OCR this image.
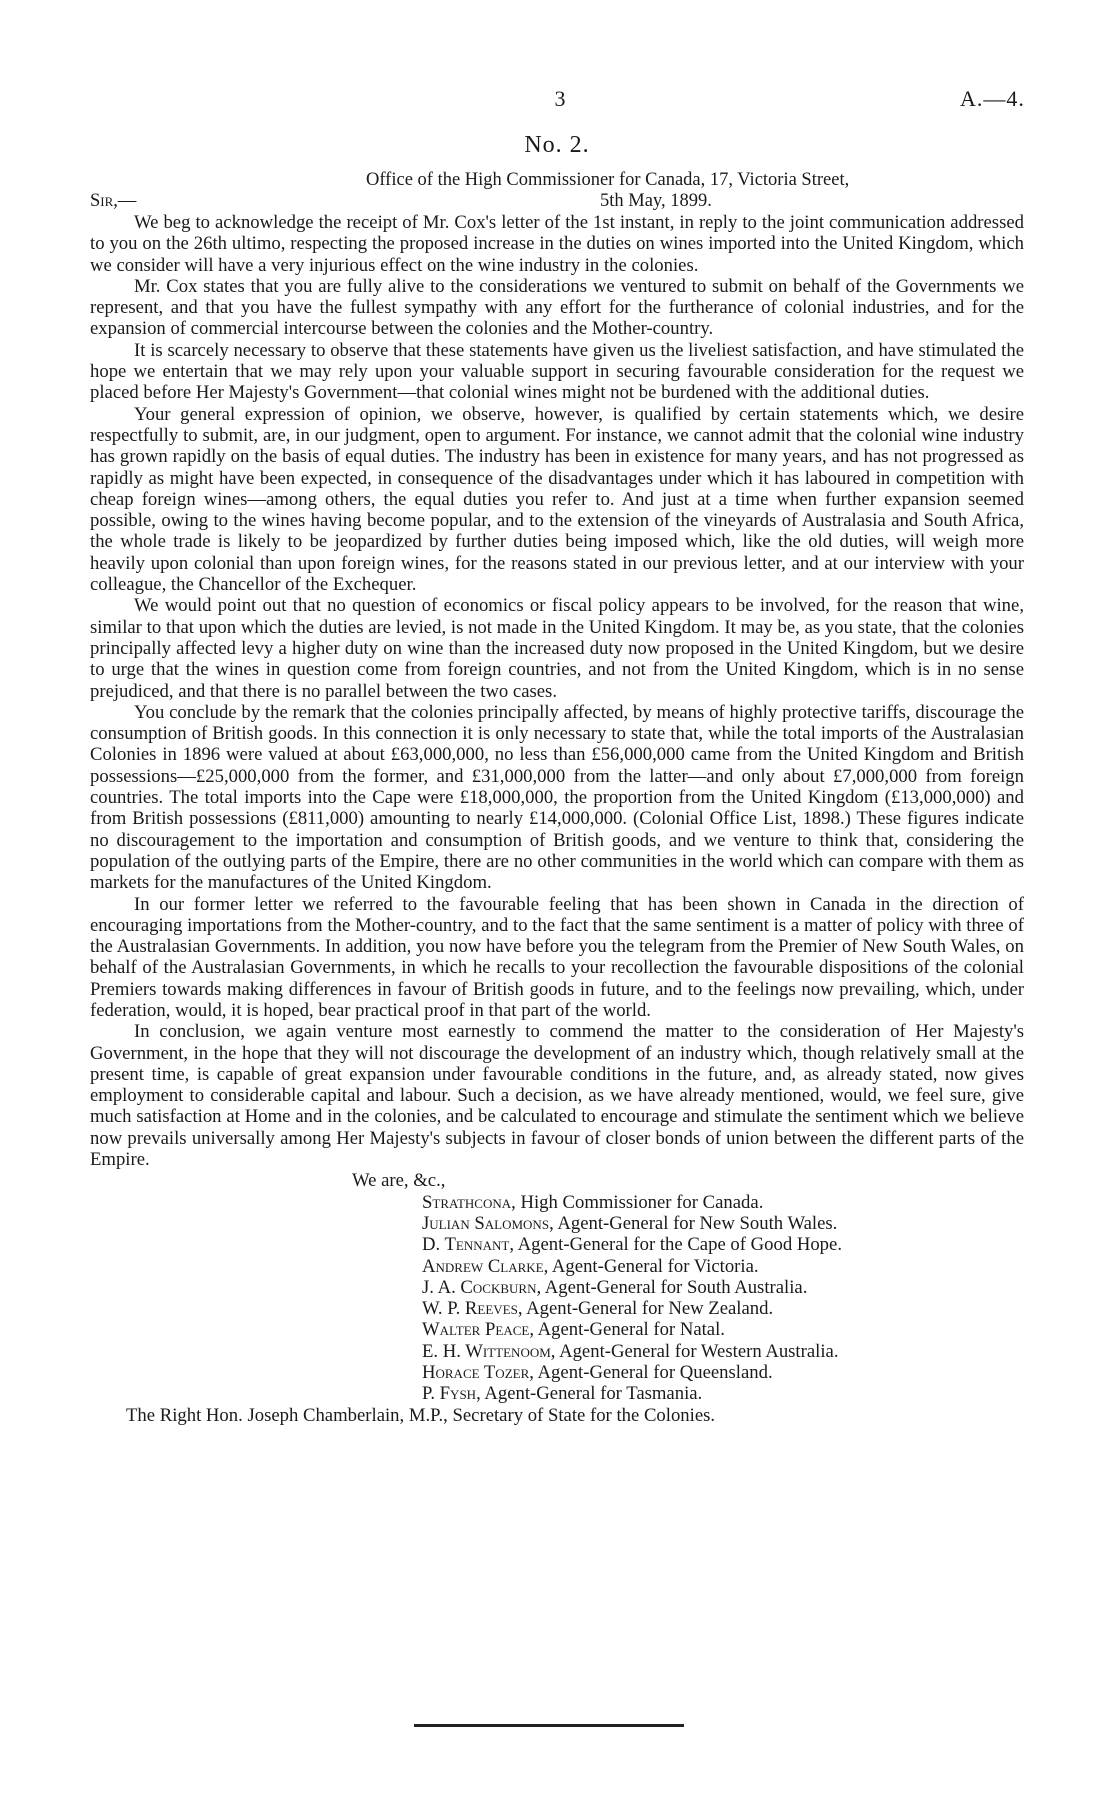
3	A.—4.
No. 2.
Office of the High Commissioner for Canada, 17, Victoria Street,
Sir,—	5th May, 1899.

We beg to acknowledge the receipt of Mr. Cox's letter of the 1st instant, in reply to the joint communication addressed to you on the 26th ultimo, respecting the proposed increase in the duties on wines imported into the United Kingdom, which we consider will have a very injurious effect on the wine industry in the colonies.

Mr. Cox states that you are fully alive to the considerations we ventured to submit on behalf of the Governments we represent, and that you have the fullest sympathy with any effort for the furtherance of colonial industries, and for the expansion of commercial intercourse between the colonies and the Mother-country.

It is scarcely necessary to observe that these statements have given us the liveliest satisfaction, and have stimulated the hope we entertain that we may rely upon your valuable support in securing favourable consideration for the request we placed before Her Majesty's Government—that colonial wines might not be burdened with the additional duties.

Your general expression of opinion, we observe, however, is qualified by certain statements which, we desire respectfully to submit, are, in our judgment, open to argument. For instance, we cannot admit that the colonial wine industry has grown rapidly on the basis of equal duties. The industry has been in existence for many years, and has not progressed as rapidly as might have been expected, in consequence of the disadvantages under which it has laboured in competition with cheap foreign wines—among others, the equal duties you refer to. And just at a time when further expansion seemed possible, owing to the wines having become popular, and to the extension of the vineyards of Australasia and South Africa, the whole trade is likely to be jeopardized by further duties being imposed which, like the old duties, will weigh more heavily upon colonial than upon foreign wines, for the reasons stated in our previous letter, and at our interview with your colleague, the Chancellor of the Exchequer.

We would point out that no question of economics or fiscal policy appears to be involved, for the reason that wine, similar to that upon which the duties are levied, is not made in the United Kingdom. It may be, as you state, that the colonies principally affected levy a higher duty on wine than the increased duty now proposed in the United Kingdom, but we desire to urge that the wines in question come from foreign countries, and not from the United Kingdom, which is in no sense prejudiced, and that there is no parallel between the two cases.

You conclude by the remark that the colonies principally affected, by means of highly protective tariffs, discourage the consumption of British goods. In this connection it is only necessary to state that, while the total imports of the Australasian Colonies in 1896 were valued at about £63,000,000, no less than £56,000,000 came from the United Kingdom and British possessions—£25,000,000 from the former, and £31,000,000 from the latter—and only about £7,000,000 from foreign countries. The total imports into the Cape were £18,000,000, the proportion from the United Kingdom (£13,000,000) and from British possessions (£811,000) amounting to nearly £14,000,000. (Colonial Office List, 1898.) These figures indicate no discouragement to the importation and consumption of British goods, and we venture to think that, considering the population of the outlying parts of the Empire, there are no other communities in the world which can compare with them as markets for the manufactures of the United Kingdom.

In our former letter we referred to the favourable feeling that has been shown in Canada in the direction of encouraging importations from the Mother-country, and to the fact that the same sentiment is a matter of policy with three of the Australasian Governments. In addition, you now have before you the telegram from the Premier of New South Wales, on behalf of the Australasian Governments, in which he recalls to your recollection the favourable dispositions of the colonial Premiers towards making differences in favour of British goods in future, and to the feelings now prevailing, which, under federation, would, it is hoped, bear practical proof in that part of the world.

In conclusion, we again venture most earnestly to commend the matter to the consideration of Her Majesty's Government, in the hope that they will not discourage the development of an industry which, though relatively small at the present time, is capable of great expansion under favourable conditions in the future, and, as already stated, now gives employment to considerable capital and labour. Such a decision, as we have already mentioned, would, we feel sure, give much satisfaction at Home and in the colonies, and be calculated to encourage and stimulate the sentiment which we believe now prevails universally among Her Majesty's subjects in favour of closer bonds of union between the different parts of the Empire.

We are, &c.,
Strathcona, High Commissioner for Canada.
Julian Salomons, Agent-General for New South Wales.
D. Tennant, Agent-General for the Cape of Good Hope.
Andrew Clarke, Agent-General for Victoria.
J. A. Cockburn, Agent-General for South Australia.
W. P. Reeves, Agent-General for New Zealand.
Walter Peace, Agent-General for Natal.
E. H. Wittenoom, Agent-General for Western Australia.
Horace Tozer, Agent-General for Queensland.
P. Fysh, Agent-General for Tasmania.
The Right Hon. Joseph Chamberlain, M.P., Secretary of State for the Colonies.
